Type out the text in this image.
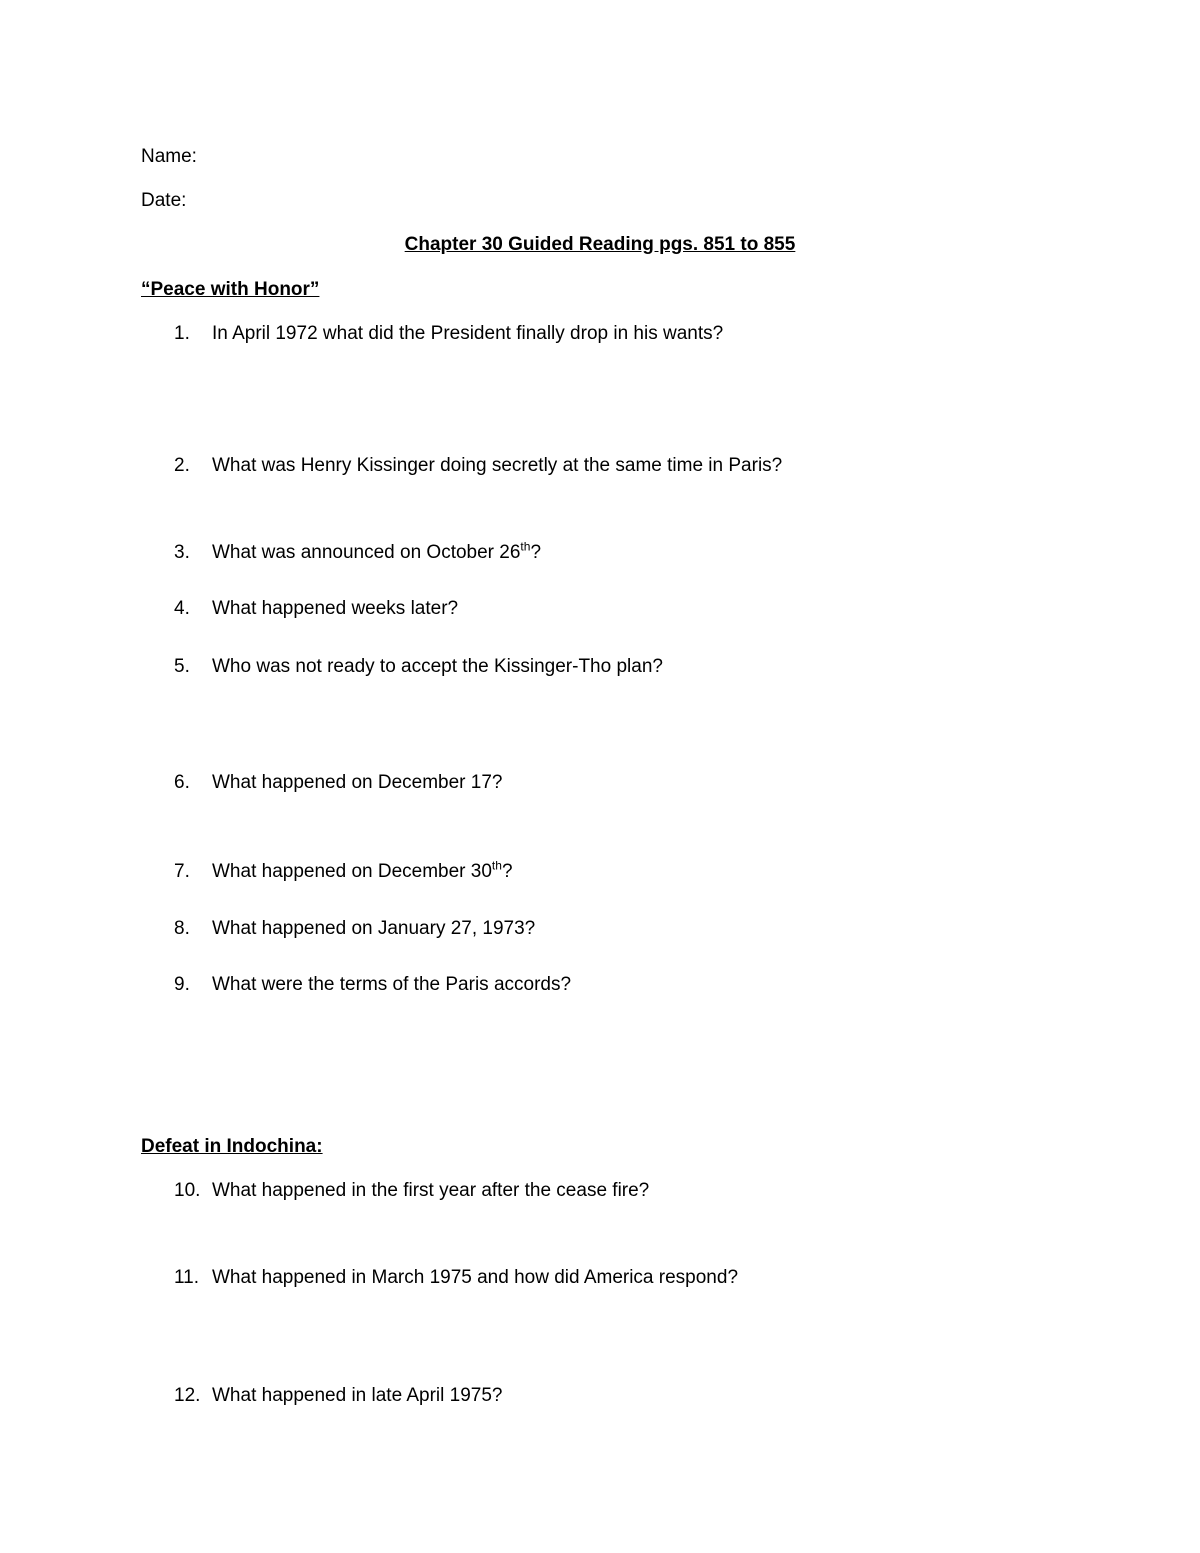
Name:
Date:
Chapter 30 Guided Reading pgs. 851 to 855
“Peace with Honor”
1. In April 1972 what did the President finally drop in his wants?
2. What was Henry Kissinger doing secretly at the same time in Paris?
3. What was announced on October 26th?
4. What happened weeks later?
5. Who was not ready to accept the Kissinger-Tho plan?
6. What happened on December 17?
7. What happened on December 30th?
8. What happened on January 27, 1973?
9. What were the terms of the Paris accords?
Defeat in Indochina:
10. What happened in the first year after the cease fire?
11. What happened in March 1975 and how did America respond?
12. What happened in late April 1975?
